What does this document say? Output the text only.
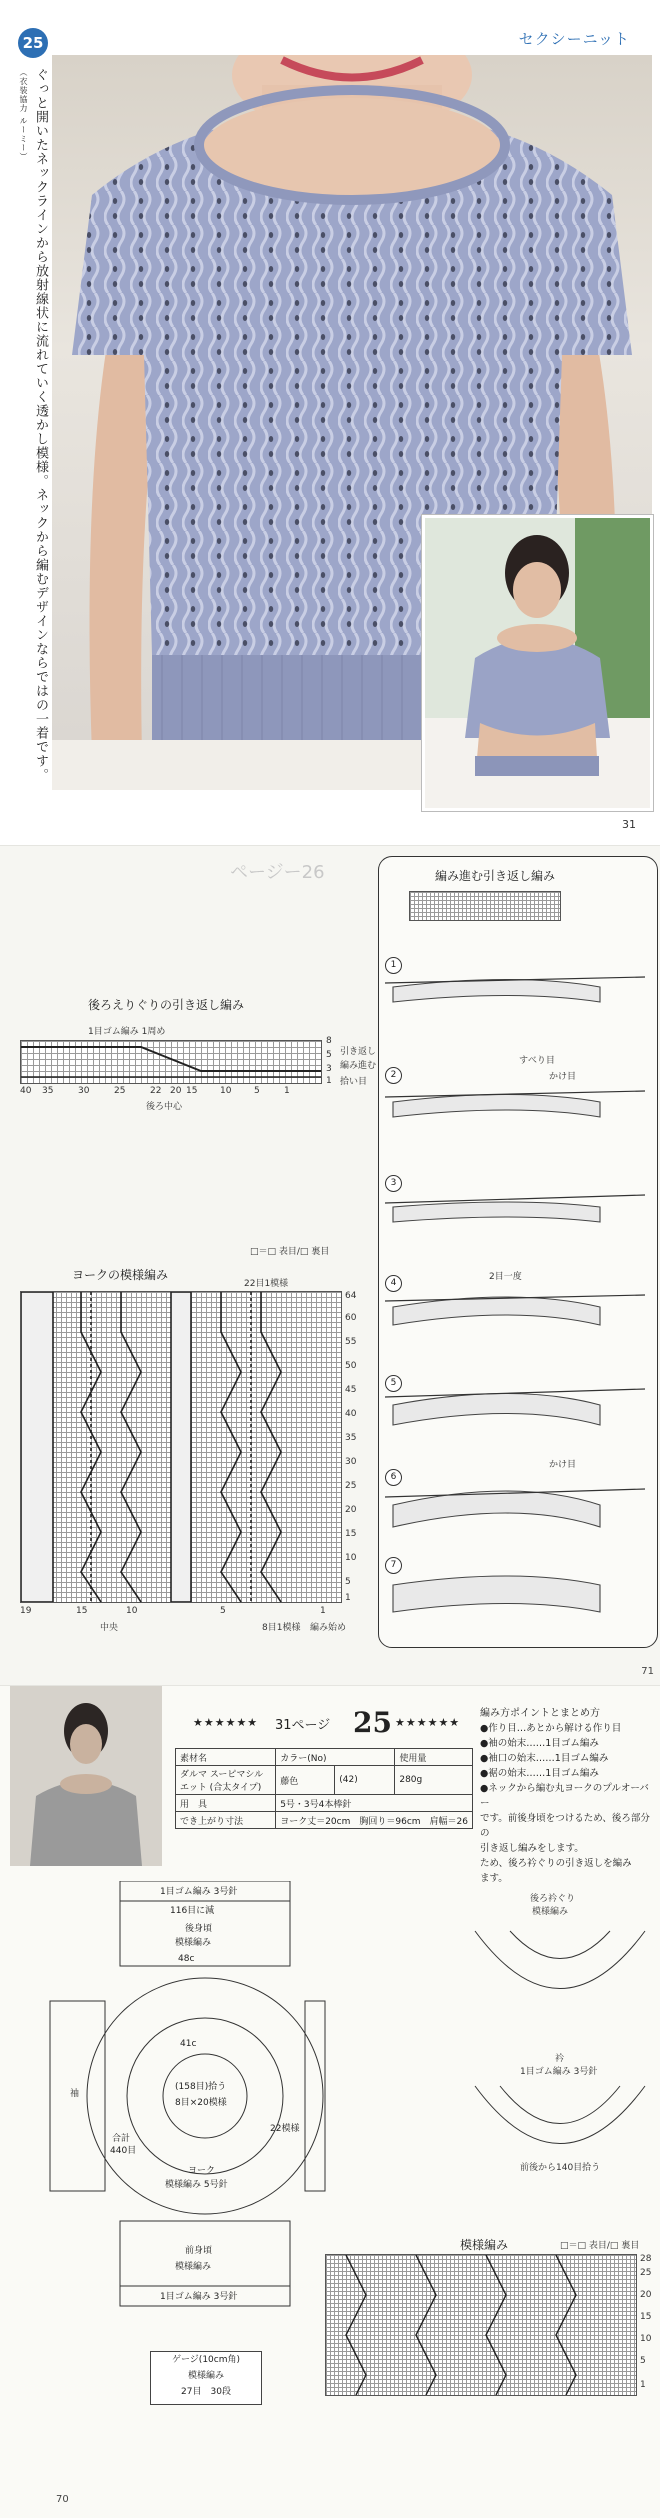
25	セクシーニット
（衣装協力 ルーミー） ぐっと開いたネックラインから放射線状に流れていく透かし模様。ネックから編むデザインならではの一着です。
31
ページー26
後ろえりぐりの引き返し編み
1目ゴム編み 1周め
8
5
3
1
引き返し
編み進む
拾い目
40 35	30	25	22 20 15	10	5	1
後ろ中心
□＝□ 表目/□ 裏目
ヨークの模様編み
22目1模様
64
60
55
50
45
40
35
30
25
20
15
10
5
1
19	15	10	5	1
中央	8目1模様 編み始め
編み進む引き返し編み
1
2
3
4
5
6
7
すべり目
かけ目
2目一度
かけ目
71
★★★★★★ 31ページ 25 ★★★★★★
素材名	カラー(No)		使用量
ダルマ スーピマシルエット (合太タイプ)	藤色	(42)	280g
用　具	5号・3号4本棒針		
でき上がり寸法	ヨーク丈＝20cm　胸回り＝96cm　肩幅＝26		
編み方ポイントとまとめ方
●作り目…あとから解ける作り目
●袖の始末……1目ゴム編み
●袖口の始末……1目ゴム編み
●裾の始末……1目ゴム編み
●ネックから編む丸ヨークのプルオーバー
です。前後身頃をつけるため、後ろ部分の
引き返し編みをします。
ため、後ろ衿ぐりの引き返しを編み
ます。
1目ゴム編み 3号針
116目に減
後身頃
模様編み
48c
41c
(158目)拾う
8目×20模様
ヨーク
模様編み 5号針
合計
440目
22模様
前身頃
模様編み
1目ゴム編み 3号針
袖
ゲージ(10cm角)
模様編み
27目　30段
後ろ衿ぐり
模様編み
衿
1目ゴム編み 3号針
前後から140目拾う
模様編み	□＝□ 表目/□ 裏目
28
25
20
15
10
5
1
70
